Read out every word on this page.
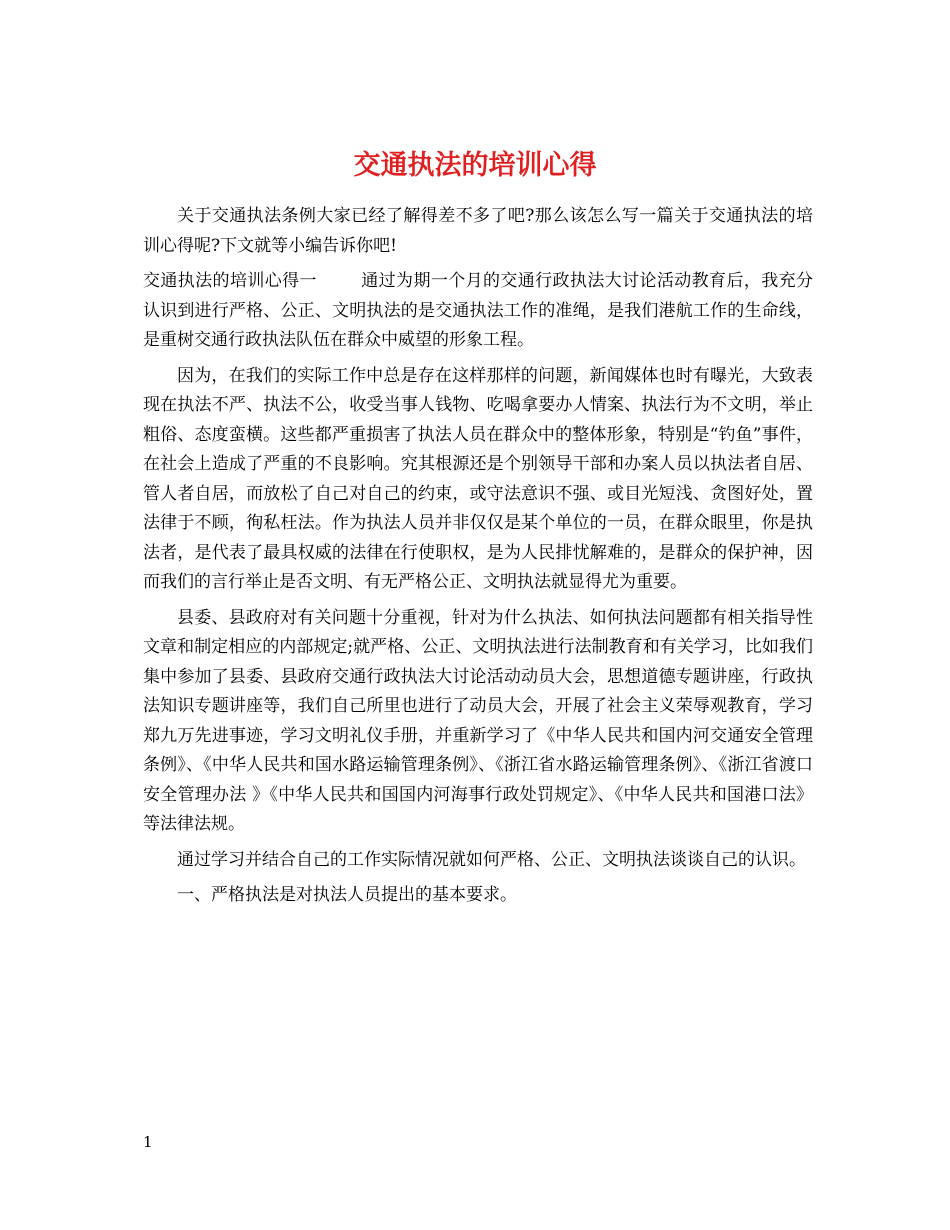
交通执法的培训心得

关于交通执法条例大家已经了解得差不多了吧?那么该怎么写一篇关于交通执法的培训心得呢?下文就等小编告诉你吧!

交通执法的培训心得一	通过为期一个月的交通行政执法大讨论活动教育后，我充分认识到进行严格、公正、文明执法的是交通执法工作的准绳，是我们港航工作的生命线，是重树交通行政执法队伍在群众中威望的形象工程。

因为，在我们的实际工作中总是存在这样那样的问题，新闻媒体也时有曝光，大致表现在执法不严、执法不公，收受当事人钱物、吃喝拿要办人情案、执法行为不文明，举止粗俗、态度蛮横。这些都严重损害了执法人员在群众中的整体形象，特别是“钓鱼”事件，在社会上造成了严重的不良影响。究其根源还是个别领导干部和办案人员以执法者自居、管人者自居，而放松了自己对自己的约束，或守法意识不强、或目光短浅、贪图好处，置法律于不顾，徇私枉法。作为执法人员并非仅仅是某个单位的一员，在群众眼里，你是执法者，是代表了最具权威的法律在行使职权，是为人民排忧解难的，是群众的保护神，因而我们的言行举止是否文明、有无严格公正、文明执法就显得尤为重要。

县委、县政府对有关问题十分重视，针对为什么执法、如何执法问题都有相关指导性文章和制定相应的内部规定;就严格、公正、文明执法进行法制教育和有关学习，比如我们集中参加了县委、县政府交通行政执法大讨论活动动员大会，思想道德专题讲座，行政执法知识专题讲座等，我们自己所里也进行了动员大会，开展了社会主义荣辱观教育，学习郑九万先进事迹，学习文明礼仪手册，并重新学习了《中华人民共和国内河交通安全管理条例》、《中华人民共和国水路运输管理条例》、《浙江省水路运输管理条例》、《浙江省渡口安全管理办法 》《中华人民共和国国内河海事行政处罚规定》、《中华人民共和国港口法》等法律法规。

通过学习并结合自己的工作实际情况就如何严格、公正、文明执法谈谈自己的认识。

一、严格执法是对执法人员提出的基本要求。

1
